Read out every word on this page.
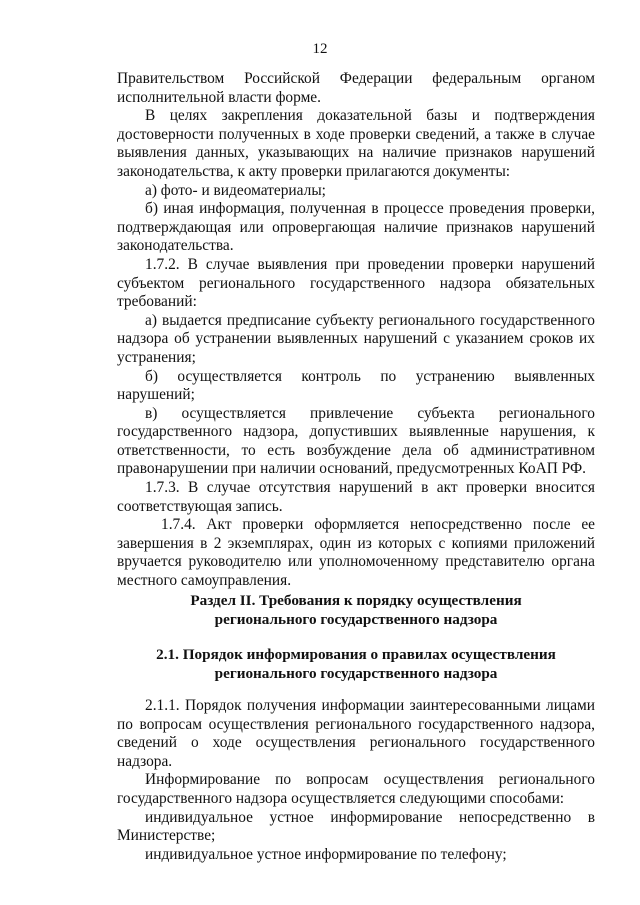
12

Правительством Российской Федерации федеральным органом исполнительной власти форме.

В целях закрепления доказательной базы и подтверждения достоверности полученных в ходе проверки сведений, а также в случае выявления данных, указывающих на наличие признаков нарушений законодательства, к акту проверки прилагаются документы:

а) фото- и видеоматериалы;

б) иная информация, полученная в процессе проведения проверки, подтверждающая или опровергающая наличие признаков нарушений законодательства.

1.7.2. В случае выявления при проведении проверки нарушений субъектом регионального государственного надзора обязательных требований:

а) выдается предписание субъекту регионального государственного надзора об устранении выявленных нарушений с указанием сроков их устранения;

б) осуществляется контроль по устранению выявленных нарушений;

в) осуществляется привлечение субъекта регионального государственного надзора, допустивших выявленные нарушения, к ответственности, то есть возбуждение дела об административном правонарушении при наличии оснований, предусмотренных КоАП РФ.

1.7.3. В случае отсутствия нарушений в акт проверки вносится соответствующая запись.

1.7.4. Акт проверки оформляется непосредственно после ее завершения в 2 экземплярах, один из которых с копиями приложений вручается руководителю или уполномоченному представителю органа местного самоуправления.

Раздел II. Требования к порядку осуществления

регионального государственного надзора

2.1. Порядок информирования о правилах осуществления

регионального государственного надзора

2.1.1. Порядок получения информации заинтересованными лицами по вопросам осуществления регионального государственного надзора, сведений о ходе осуществления регионального государственного надзора.

Информирование по вопросам осуществления регионального государственного надзора осуществляется следующими способами:

индивидуальное устное информирование непосредственно в Министерстве;

индивидуальное устное информирование по телефону;
